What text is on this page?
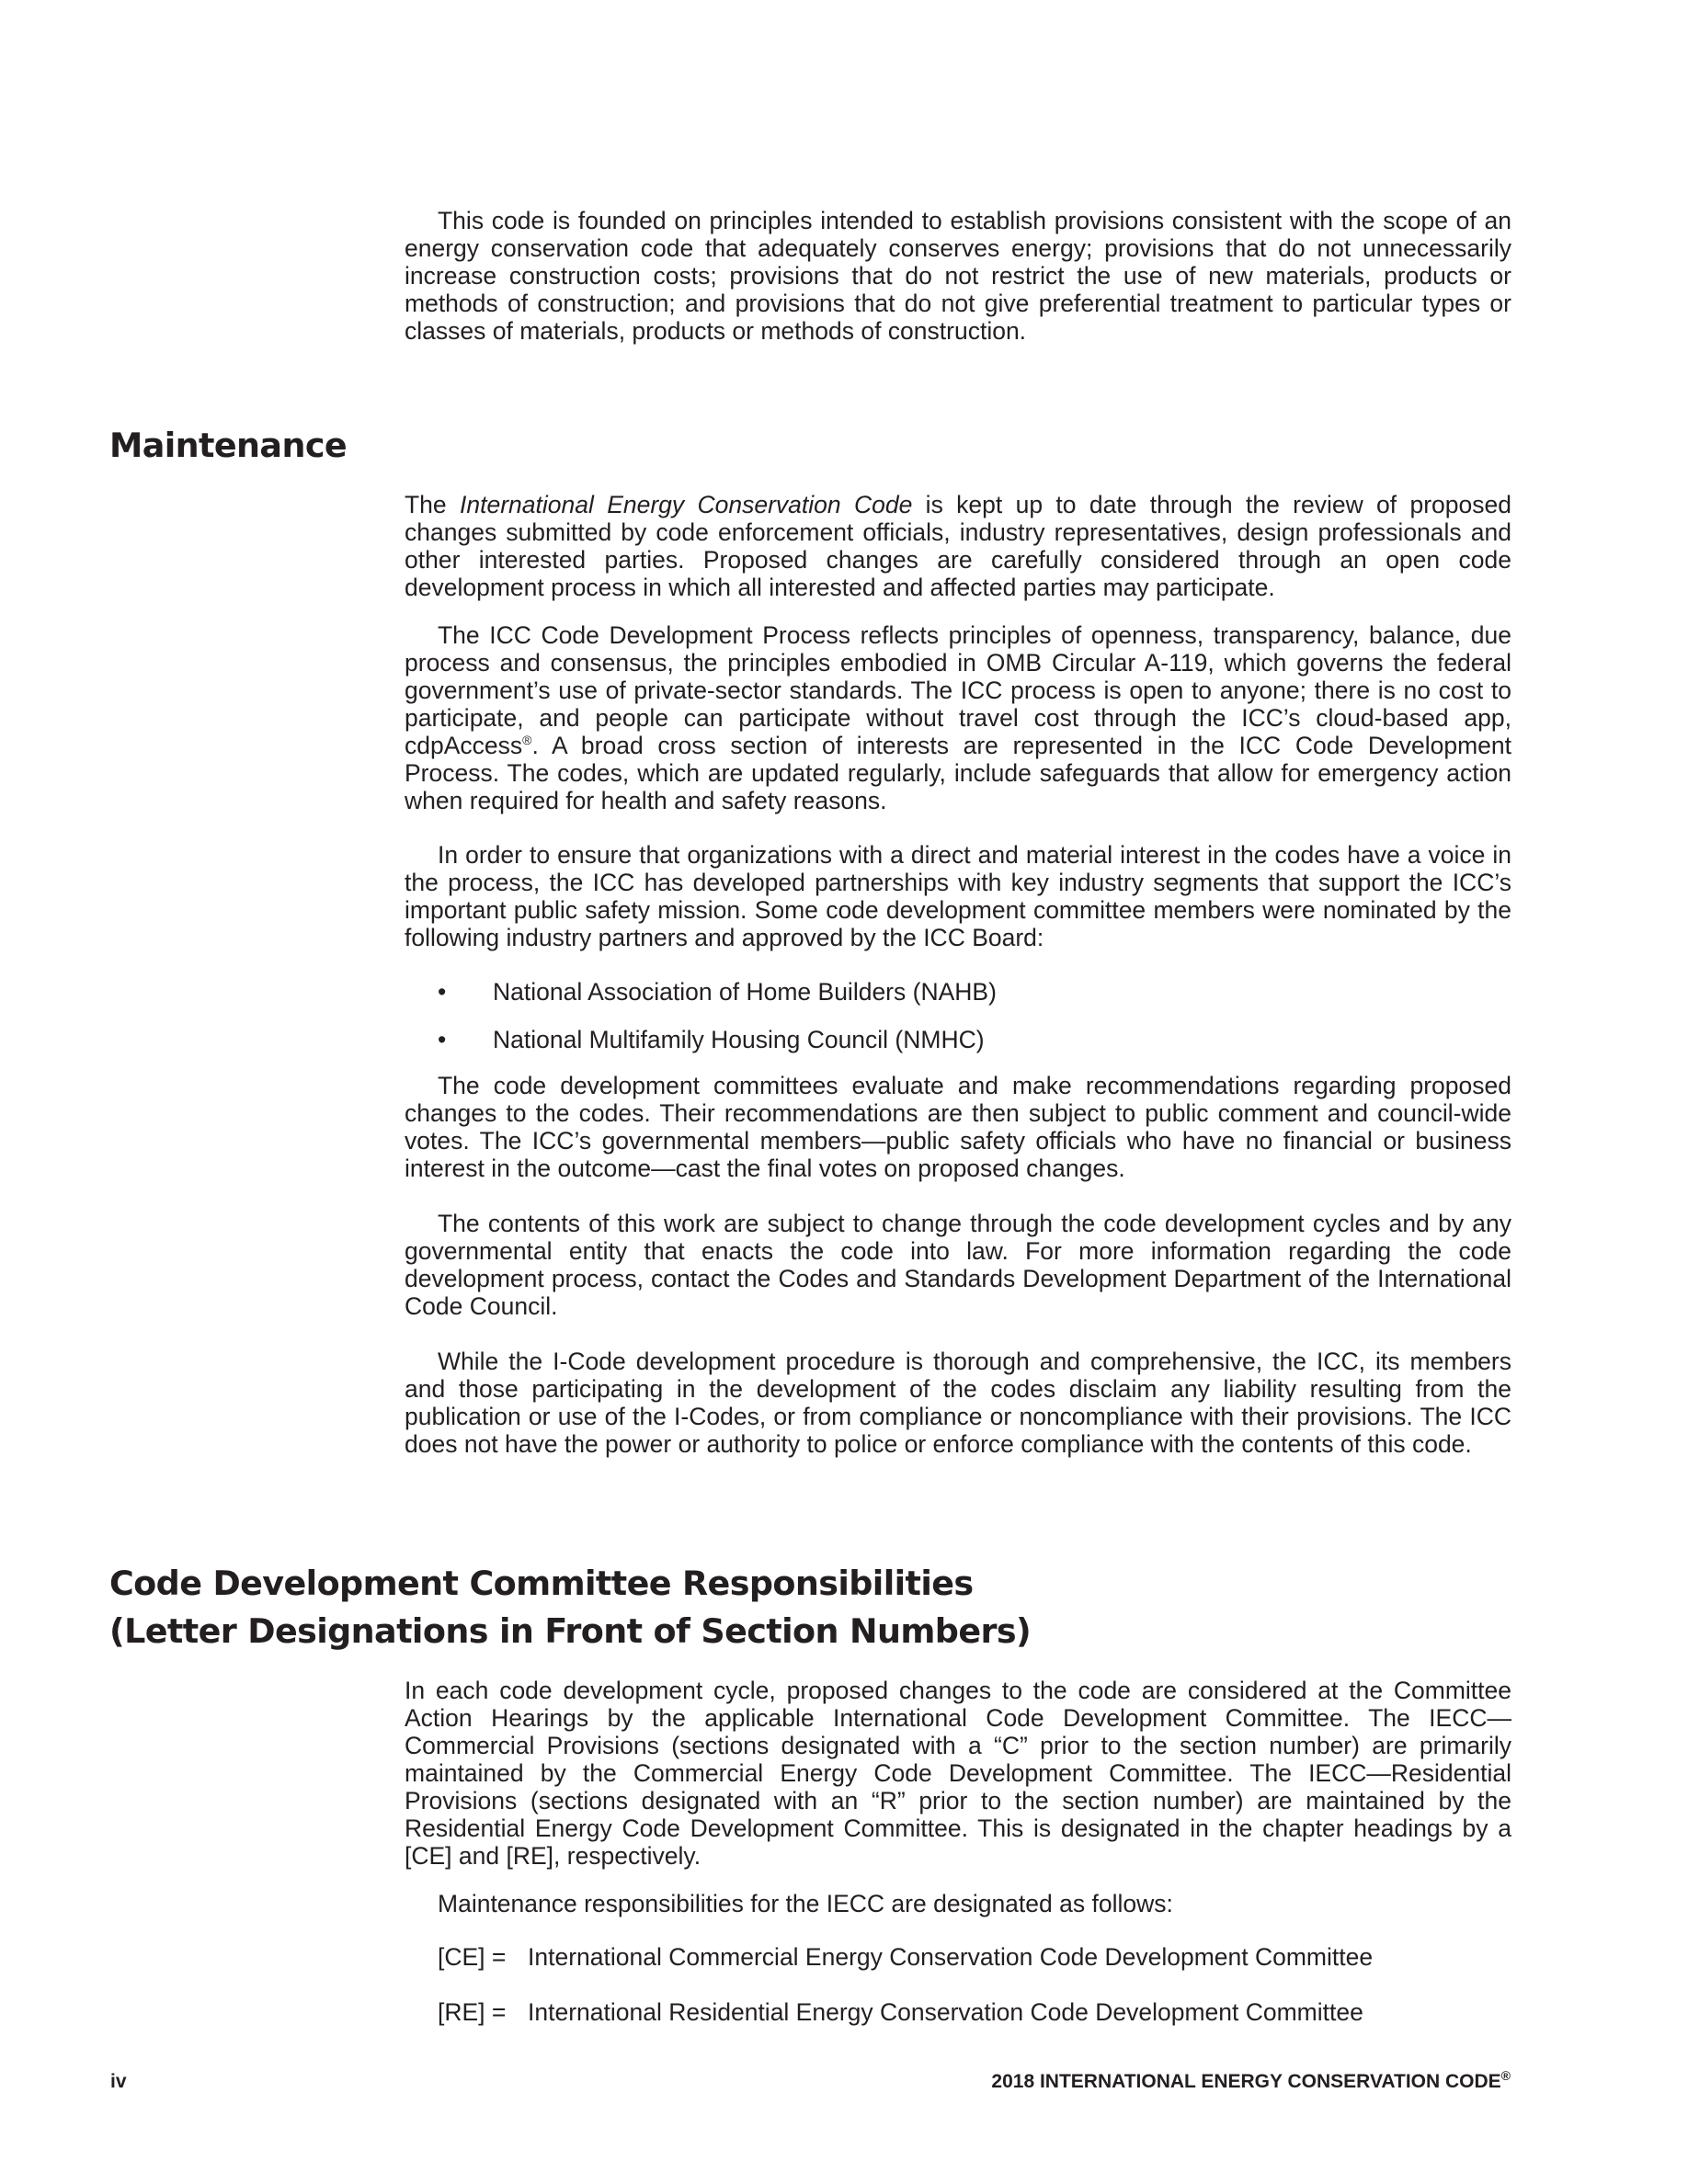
This code is founded on principles intended to establish provisions consistent with the scope of an energy conservation code that adequately conserves energy; provisions that do not unnecessarily increase construction costs; provisions that do not restrict the use of new materials, products or methods of construction; and provisions that do not give preferential treatment to particular types or classes of materials, products or methods of construction.

Maintenance

The International Energy Conservation Code is kept up to date through the review of proposed changes submitted by code enforcement officials, industry representatives, design professionals and other interested parties. Proposed changes are carefully considered through an open code development process in which all interested and affected parties may participate.

The ICC Code Development Process reflects principles of openness, transparency, balance, due process and consensus, the principles embodied in OMB Circular A-119, which governs the federal government’s use of private-sector standards. The ICC process is open to anyone; there is no cost to participate, and people can participate without travel cost through the ICC’s cloud-based app, cdpAccess®. A broad cross section of interests are represented in the ICC Code Development Process. The codes, which are updated regularly, include safeguards that allow for emergency action when required for health and safety reasons.

In order to ensure that organizations with a direct and material interest in the codes have a voice in the process, the ICC has developed partnerships with key industry segments that support the ICC’s important public safety mission. Some code development committee members were nominated by the following industry partners and approved by the ICC Board:

• National Association of Home Builders (NAHB)
• National Multifamily Housing Council (NMHC)

The code development committees evaluate and make recommendations regarding proposed changes to the codes. Their recommendations are then subject to public comment and council-wide votes. The ICC’s governmental members—public safety officials who have no financial or business interest in the outcome—cast the final votes on proposed changes.

The contents of this work are subject to change through the code development cycles and by any governmental entity that enacts the code into law. For more information regarding the code development process, contact the Codes and Standards Development Department of the International Code Council.

While the I-Code development procedure is thorough and comprehensive, the ICC, its members and those participating in the development of the codes disclaim any liability resulting from the publication or use of the I-Codes, or from compliance or noncompliance with their provisions. The ICC does not have the power or authority to police or enforce compliance with the contents of this code.

Code Development Committee Responsibilities
(Letter Designations in Front of Section Numbers)

In each code development cycle, proposed changes to the code are considered at the Committee Action Hearings by the applicable International Code Development Committee. The IECC—Commercial Provisions (sections designated with a “C” prior to the section number) are primarily maintained by the Commercial Energy Code Development Committee. The IECC—Residential Provisions (sections designated with an “R” prior to the section number) are maintained by the Residential Energy Code Development Committee. This is designated in the chapter headings by a [CE] and [RE], respectively.

Maintenance responsibilities for the IECC are designated as follows:

[CE] = International Commercial Energy Conservation Code Development Committee
[RE] = International Residential Energy Conservation Code Development Committee
iv	2018 INTERNATIONAL ENERGY CONSERVATION CODE®
